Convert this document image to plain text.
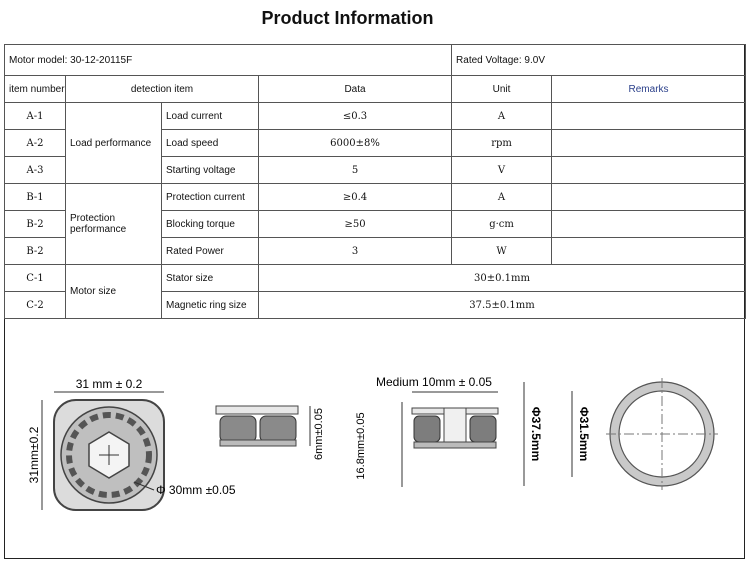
Product Information
Motor model: 30-12-20115F				Rated Voltage: 9.0V	
item number	detection item		Data	Unit	Remarks
A-1	Load performance	Load current	≤0.3	A	
A-2		Load speed	6000±8%	rpm	
A-3		Starting voltage	5	V	
B-1	Protection performance	Protection current	≥0.4	A	
B-2		Blocking torque	≥50	g·cm	
B-2		Rated Power	3	W	
C-1	Motor size	Stator size	30±0.1mm		
C-2		Magnetic ring size	37.5±0.1mm		
31 mm ± 0.2
31mm±0.2
Φ 30mm ±0.05
6mm±0.05
Medium 10mm ± 0.05
16.8mm±0.05	Φ37.5mm	Φ31.5mm
